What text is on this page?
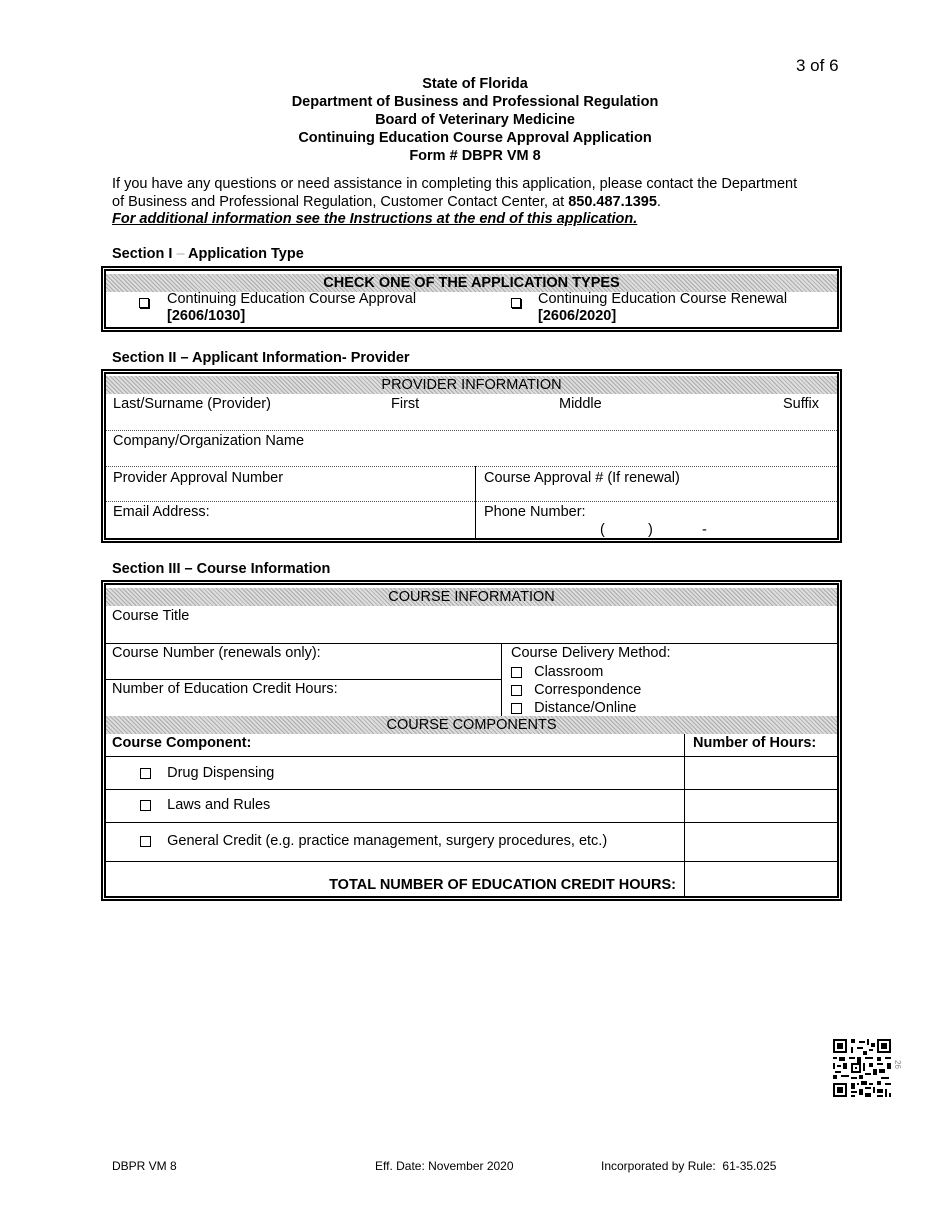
3 of 6
State of Florida
Department of Business and Professional Regulation
Board of Veterinary Medicine
Continuing Education Course Approval Application
Form # DBPR VM 8
If you have any questions or need assistance in completing this application, please contact the Department of Business and Professional Regulation, Customer Contact Center, at 850.487.1395.
For additional information see the Instructions at the end of this application.
Section I – Application Type
CHECK ONE OF THE APPLICATION TYPES
Continuing Education Course Approval
[2606/1030]
Continuing Education Course Renewal
[2606/2020]
Section II – Applicant Information- Provider
PROVIDER INFORMATION
Last/Surname (Provider)	First	Middle	Suffix
Company/Organization Name
Provider Approval Number	Course Approval # (If renewal)
Email Address:	Phone Number:
(	)	-
Section III – Course Information
COURSE INFORMATION
Course Title
Course Number (renewals only):
Number of Education Credit Hours:
Course Delivery Method:
Classroom
Correspondence
Distance/Online
COURSE COMPONENTS
Course Component:	Number of Hours:
Drug Dispensing
Laws and Rules
General Credit (e.g. practice management, surgery procedures, etc.)
TOTAL NUMBER OF EDUCATION CREDIT HOURS:
26
DBPR VM 8	Eff. Date: November 2020	Incorporated by Rule:  61-35.025
